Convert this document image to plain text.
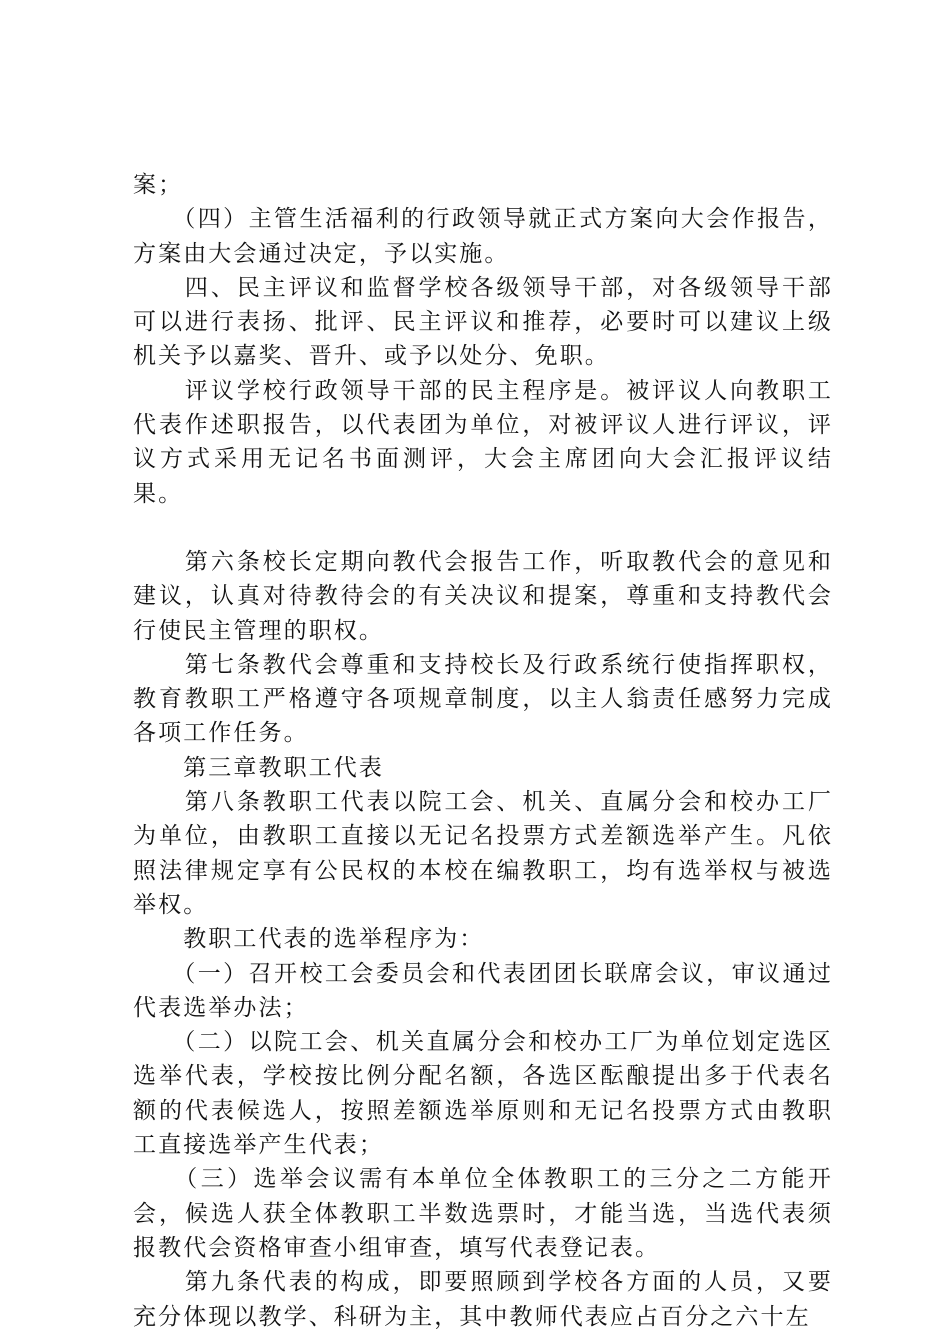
案；

　　（四）主管生活福利的行政领导就正式方案向大会作报告，方案由大会通过决定，予以实施。

　　四、民主评议和监督学校各级领导干部，对各级领导干部可以进行表扬、批评、民主评议和推荐，必要时可以建议上级机关予以嘉奖、晋升、或予以处分、免职。

　　评议学校行政领导干部的民主程序是。被评议人向教职工代表作述职报告，以代表团为单位，对被评议人进行评议，评议方式采用无记名书面测评，大会主席团向大会汇报评议结果。

　　第六条校长定期向教代会报告工作，听取教代会的意见和建议，认真对待教待会的有关决议和提案，尊重和支持教代会行使民主管理的职权。

　　第七条教代会尊重和支持校长及行政系统行使指挥职权，教育教职工严格遵守各项规章制度，以主人翁责任感努力完成各项工作任务。

　　第三章教职工代表

　　第八条教职工代表以院工会、机关、直属分会和校办工厂为单位，由教职工直接以无记名投票方式差额选举产生。凡依照法律规定享有公民权的本校在编教职工，均有选举权与被选举权。

　　教职工代表的选举程序为：

　　（一）召开校工会委员会和代表团团长联席会议，审议通过代表选举办法；

　　（二）以院工会、机关直属分会和校办工厂为单位划定选区选举代表，学校按比例分配名额，各选区酝酿提出多于代表名额的代表候选人，按照差额选举原则和无记名投票方式由教职工直接选举产生代表；

　　（三）选举会议需有本单位全体教职工的三分之二方能开会，候选人获全体教职工半数选票时，才能当选，当选代表须报教代会资格审查小组审查，填写代表登记表。

　　第九条代表的构成，即要照顾到学校各方面的人员，又要充分体现以教学、科研为主，其中教师代表应占百分之六十左
